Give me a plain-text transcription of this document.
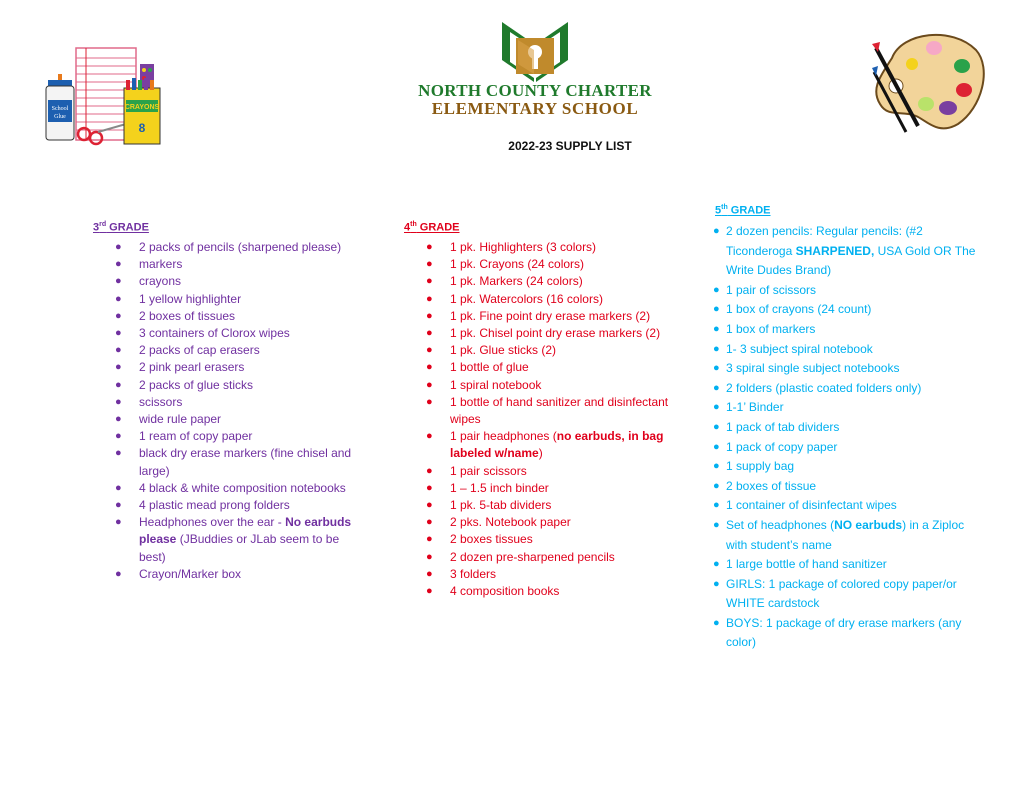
NORTH COUNTY CHARTER
ELEMENTARY SCHOOL
2022-23 SUPPLY LIST
School
Glue
CRAYONS
8
3rd GRADE
● 2 packs of pencils (sharpened please)
● markers
● crayons
● 1 yellow highlighter
● 2 boxes of tissues
● 3 containers of Clorox wipes
● 2 packs of cap erasers
● 2 pink pearl erasers
● 2 packs of glue sticks
● scissors
● wide rule paper
● 1 ream of copy paper
● black dry erase markers (fine chisel and large)
● 4 black & white composition notebooks
● 4 plastic mead prong folders
● Headphones over the ear - No earbuds please (JBuddies or JLab seem to be best)
● Crayon/Marker box
4th GRADE
● 1 pk. Highlighters (3 colors)
● 1 pk. Crayons (24 colors)
● 1 pk. Markers (24 colors)
● 1 pk. Watercolors (16 colors)
● 1 pk. Fine point dry erase markers (2)
● 1 pk. Chisel point dry erase markers (2)
● 1 pk. Glue sticks (2)
● 1 bottle of glue
● 1 spiral notebook
● 1 bottle of hand sanitizer and disinfectant wipes
● 1 pair headphones (no earbuds, in bag labeled w/name)
● 1 pair scissors
● 1 – 1.5 inch binder
● 1 pk. 5-tab dividers
● 2 pks. Notebook paper
● 2 boxes tissues
● 2 dozen pre-sharpened pencils
● 3 folders
● 4 composition books
5th GRADE
● 2 dozen pencils: Regular pencils: (#2 Ticonderoga SHARPENED, USA Gold OR The Write Dudes Brand)
● 1 pair of scissors
● 1 box of crayons (24 count)
● 1 box of markers
● 1- 3 subject spiral notebook
● 3 spiral single subject notebooks
● 2 folders (plastic coated folders only)
● 1-1’ Binder
● 1 pack of tab dividers
● 1 pack of copy paper
● 1 supply bag
● 2 boxes of tissue
● 1 container of disinfectant wipes
● Set of headphones (NO earbuds) in a Ziploc with student’s name
● 1 large bottle of hand sanitizer
● GIRLS: 1 package of colored copy paper/or WHITE cardstock
● BOYS: 1 package of dry erase markers (any color)
